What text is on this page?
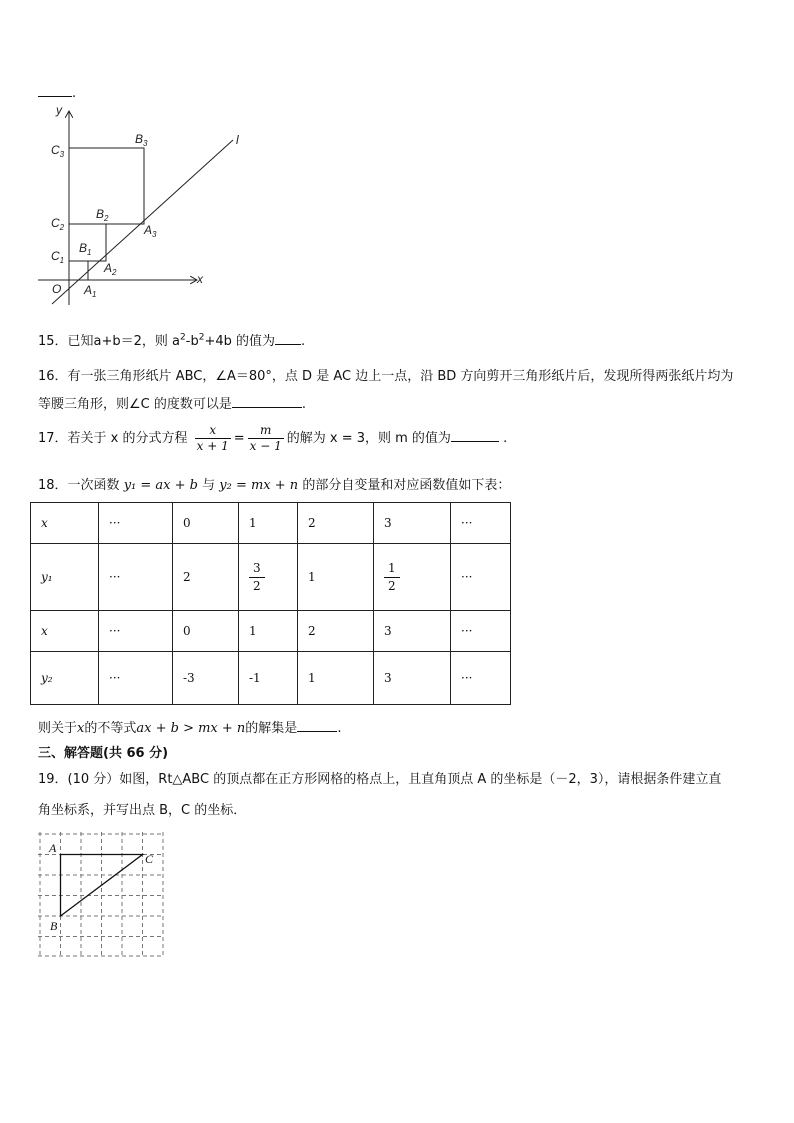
.
y
x
l
O
$C_3$
$B_3$
$C_2$
$B_2$
$A_3$
$C_1$
$B_1$
$A_2$
$A_1$
15．已知a+b＝2，则 $a^2-b^2+4b$ 的值为 .
16．有一张三角形纸片 ABC，∠A＝80°，点 D 是 AC 边上一点，沿 BD 方向剪开三角形纸片后，发现所得两张纸片均为
等腰三角形，则∠C 的度数可以是	.
17．若关于 x 的分式方程 $\frac{x}{x + 1} = \frac{m}{x - 1}$ 的解为 x = 3，则 m 的值为	.
18．一次函数 y₁ = ax + b 与 y₂ = mx + n 的部分自变量和对应函数值如下表：
x	···	0	1	2	3	···
y₁	···	2	$\frac{3}{2}$	1	$\frac{1}{2}$	···
x	···	0	1	2	3	···
y₂	···	-3	-1	1	3	···
则关于x的不等式ax + b > mx + n的解集是	.
三、解答题(共 66 分)
19．(10 分）如图，Rt△ABC 的顶点都在正方形网格的格点上，且直角顶点 A 的坐标是（－2，3），请根据条件建立直
角坐标系，并写出点 B，C 的坐标．
A
C
B
